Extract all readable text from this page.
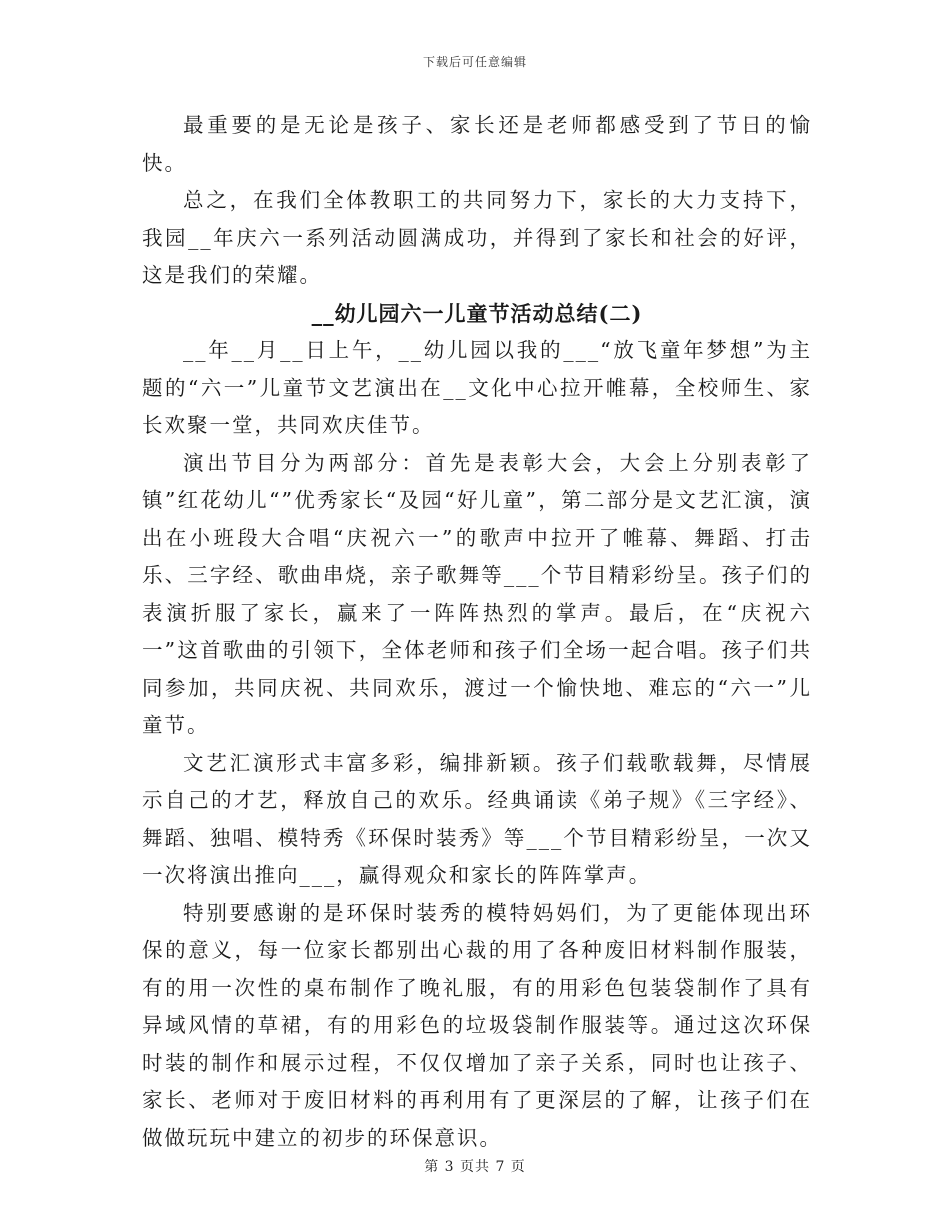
下载后可任意编辑

最重要的是无论是孩子、家长还是老师都感受到了节日的愉快。

总之，在我们全体教职工的共同努力下，家长的大力支持下，我园__年庆六一系列活动圆满成功，并得到了家长和社会的好评，这是我们的荣耀。

__幼儿园六一儿童节活动总结(二)

__年__月__日上午，__幼儿园以我的___“放飞童年梦想”为主题的“六一”儿童节文艺演出在__文化中心拉开帷幕，全校师生、家长欢聚一堂，共同欢庆佳节。

演出节目分为两部分：首先是表彰大会，大会上分别表彰了镇”红花幼儿“”优秀家长“及园“好儿童”，第二部分是文艺汇演，演出在小班段大合唱“庆祝六一”的歌声中拉开了帷幕、舞蹈、打击乐、三字经、歌曲串烧，亲子歌舞等___个节目精彩纷呈。孩子们的表演折服了家长，赢来了一阵阵热烈的掌声。最后，在“庆祝六一”这首歌曲的引领下，全体老师和孩子们全场一起合唱。孩子们共同参加，共同庆祝、共同欢乐，渡过一个愉快地、难忘的“六一”儿童节。

文艺汇演形式丰富多彩，编排新颖。孩子们载歌载舞，尽情展示自己的才艺，释放自己的欢乐。经典诵读《弟子规》《三字经》、舞蹈、独唱、模特秀《环保时装秀》等___个节目精彩纷呈，一次又一次将演出推向___，赢得观众和家长的阵阵掌声。

特别要感谢的是环保时装秀的模特妈妈们，为了更能体现出环保的意义，每一位家长都别出心裁的用了各种废旧材料制作服装，有的用一次性的桌布制作了晚礼服，有的用彩色包装袋制作了具有异域风情的草裙，有的用彩色的垃圾袋制作服装等。通过这次环保时装的制作和展示过程，不仅仅增加了亲子关系，同时也让孩子、家长、老师对于废旧材料的再利用有了更深层的了解，让孩子们在做做玩玩中建立的初步的环保意识。

第 3 页共 7 页
